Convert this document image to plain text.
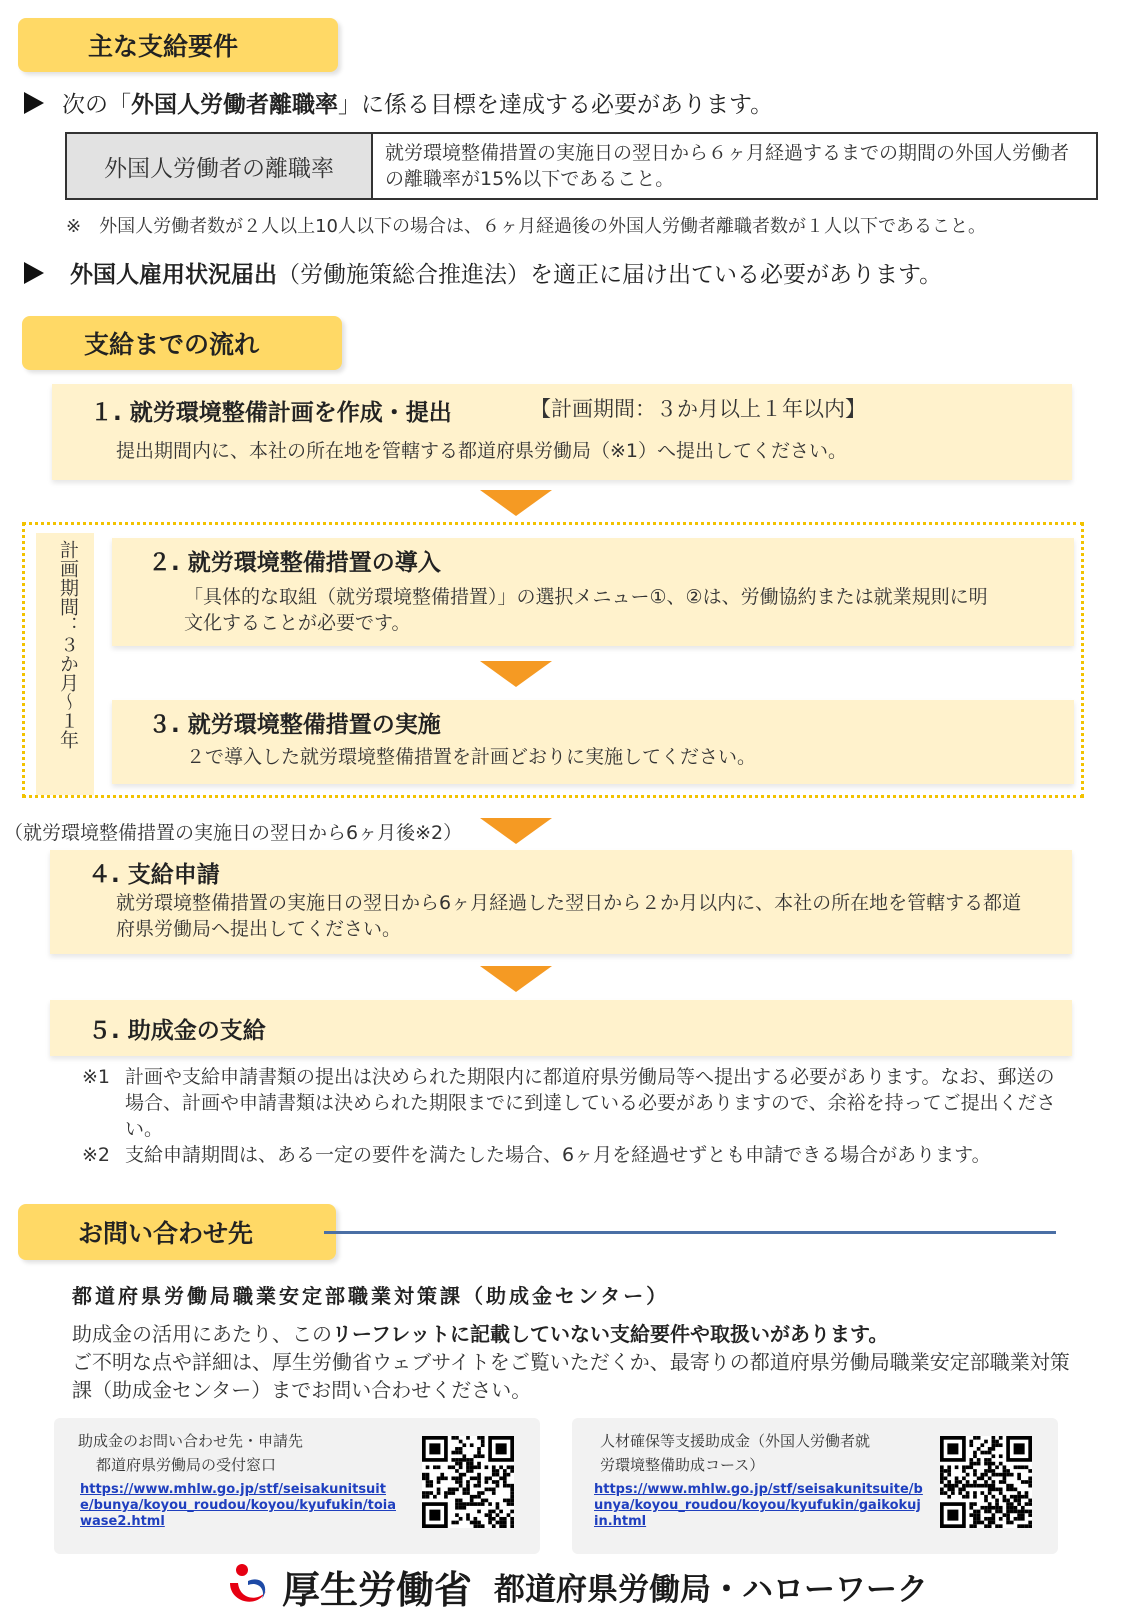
主な支給要件
次の「外国人労働者離職率」に係る目標を達成する必要があります。
外国人労働者の離職率
就労環境整備措置の実施日の翌日から６ヶ月経過するまでの期間の外国人労働者の離職率が15%以下であること。
※　外国人労働者数が２人以上10人以下の場合は、６ヶ月経過後の外国人労働者離職者数が１人以下であること。
外国人雇用状況届出（労働施策総合推進法）を適正に届け出ている必要があります。
支給までの流れ
１. 就労環境整備計画を作成・提出	【計画期間：３か月以上１年以内】
提出期間内に、本社の所在地を管轄する都道府県労働局（※1）へ提出してください。
計画期間：３か月〜１年	２. 就労環境整備措置の導入
「具体的な取組（就労環境整備措置）」の選択メニュー①、②は、労働協約または就業規則に明文化することが必要です。
３. 就労環境整備措置の実施
２で導入した就労環境整備措置を計画どおりに実施してください。
（就労環境整備措置の実施日の翌日から6ヶ月後※2）
４. 支給申請
就労環境整備措置の実施日の翌日から6ヶ月経過した翌日から２か月以内に、本社の所在地を管轄する都道府県労働局へ提出してください。
５. 助成金の支給
※1 計画や支給申請書類の提出は決められた期限内に都道府県労働局等へ提出する必要があります。なお、郵送の場合、計画や申請書類は決められた期限までに到達している必要がありますので、余裕を持ってご提出ください。
※2 支給申請期間は、ある一定の要件を満たした場合、6ヶ月を経過せずとも申請できる場合があります。
お問い合わせ先
都道府県労働局職業安定部職業対策課（助成金センター）
助成金の活用にあたり、このリーフレットに記載していない支給要件や取扱いがあります。
ご不明な点や詳細は、厚生労働省ウェブサイトをご覧いただくか、最寄りの都道府県労働局職業安定部職業対策課（助成金センター）までお問い合わせください。
助成金のお問い合わせ先・申請先
都道府県労働局の受付窓口
https://www.mhlw.go.jp/stf/seisakunitsuite/bunya/koyou_roudou/koyou/kyufukin/toiawase2.html
人材確保等支援助成金（外国人労働者就
労環境整備助成コース）
https://www.mhlw.go.jp/stf/seisakunitsuite/bunya/koyou_roudou/koyou/kyufukin/gaikokujin.html
厚生労働省 都道府県労働局・ハローワーク
